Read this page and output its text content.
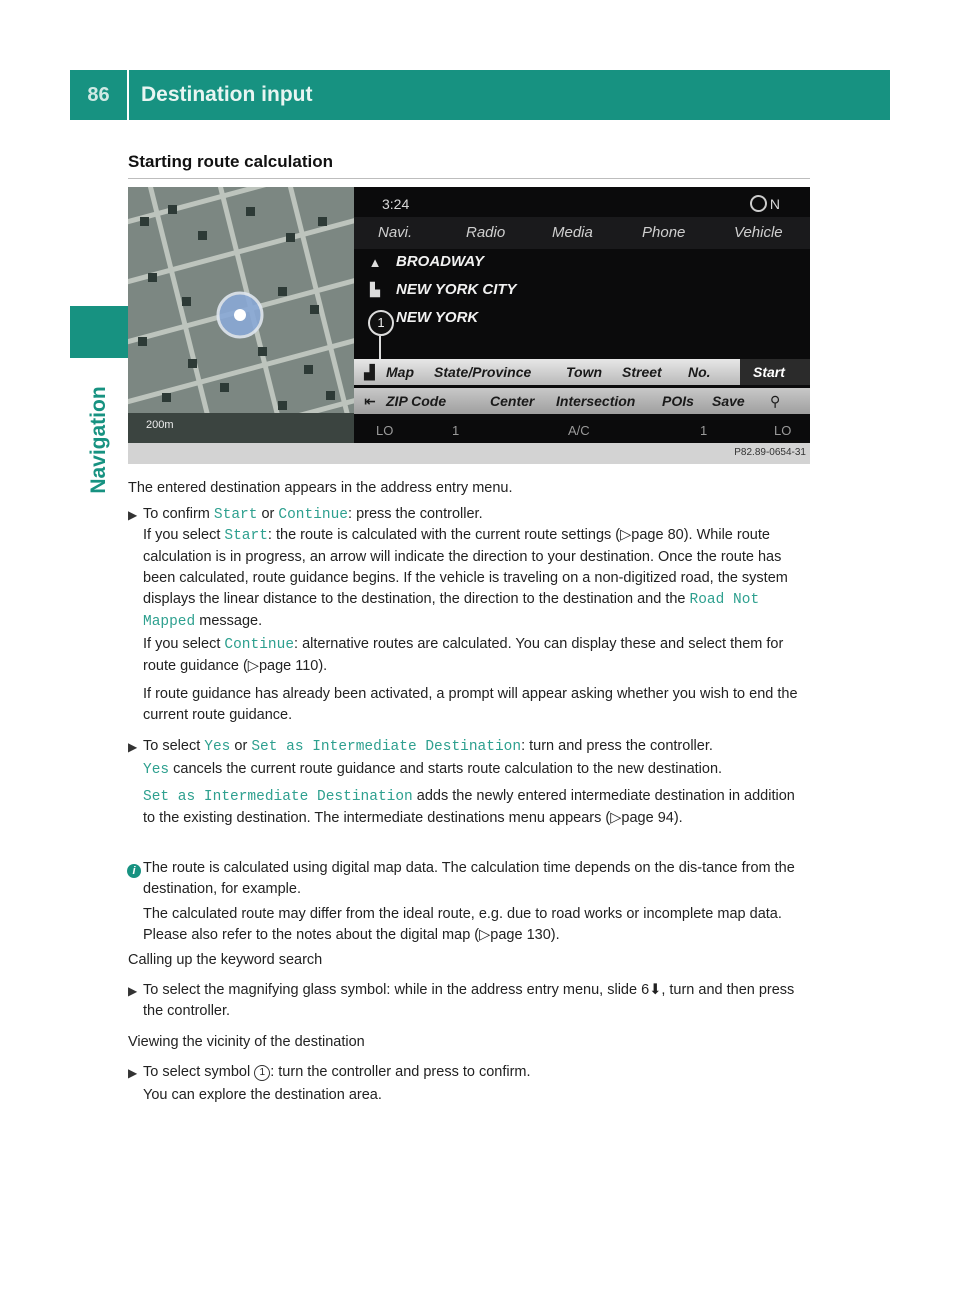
86	Destination input
Navigation
Starting route calculation
200m
3:24	N
Navi.	Radio	Media	Phone	Vehicle
▲ BROADWAY
▙ NEW YORK CITY
NEW YORK
1
▟ Map State/Province Town Street No.	Start
⇤ ZIP Code	Center Intersection POIs Save ⚲
LO	1	A/C	1	LO
P82.89-0654-31
The entered destination appears in the address entry menu.
▶ To confirm Start or Continue: press the controller.
If you select Start: the route is calculated with the current route settings (▷page 80). While route calculation is in progress, an arrow will indicate the direction to your destination. Once the route has been calculated, route guidance begins. If the vehicle is traveling on a non-digitized road, the system displays the linear distance to the destination, the direction to the destination and the Road Not Mapped message.
If you select Continue: alternative routes are calculated. You can display these and select them for route guidance (▷page 110).
If route guidance has already been activated, a prompt will appear asking whether you wish to end the current route guidance.
▶ To select Yes or Set as Intermediate Destination: turn and press the controller.
Yes cancels the current route guidance and starts route calculation to the new destination.
Set as Intermediate Destination adds the newly entered intermediate destination in addition to the existing destination. The intermediate destinations menu appears (▷page 94).
i The route is calculated using digital map data. The calculation time depends on the dis-tance from the destination, for example.
The calculated route may differ from the ideal route, e.g. due to road works or incomplete map data. Please also refer to the notes about the digital map (▷page 130).
Calling up the keyword search
▶ To select the magnifying glass symbol: while in the address entry menu, slide 6⬇, turn and then press the controller.
Viewing the vicinity of the destination
▶ To select symbol 1 : turn the controller and press to confirm.
You can explore the destination area.
